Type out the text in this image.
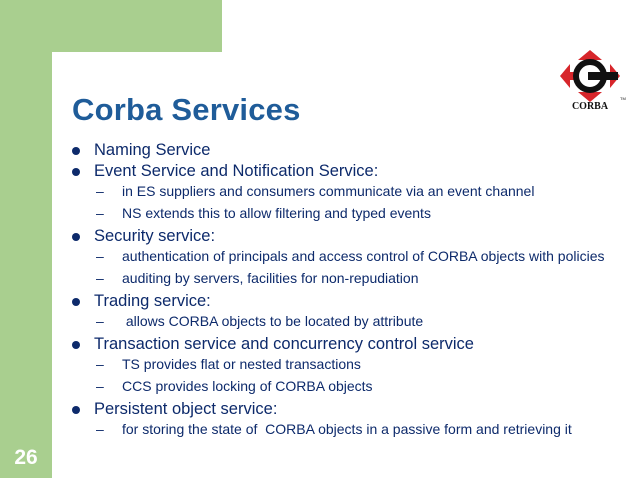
26
Corba Services	CORBA
TM
Naming Service
Event Service and Notification Service:
– in ES suppliers and consumers communicate via an event channel
– NS extends this to allow filtering and typed events
Security service:
– authentication of principals and access control of CORBA objects with policies
– auditing by servers, facilities for non-repudiation
Trading service:
– allows CORBA objects to be located by attribute
Transaction service and concurrency control service
– TS provides flat or nested transactions
– CCS provides locking of CORBA objects
Persistent object service:
– for storing the state of  CORBA objects in a passive form and retrieving it
